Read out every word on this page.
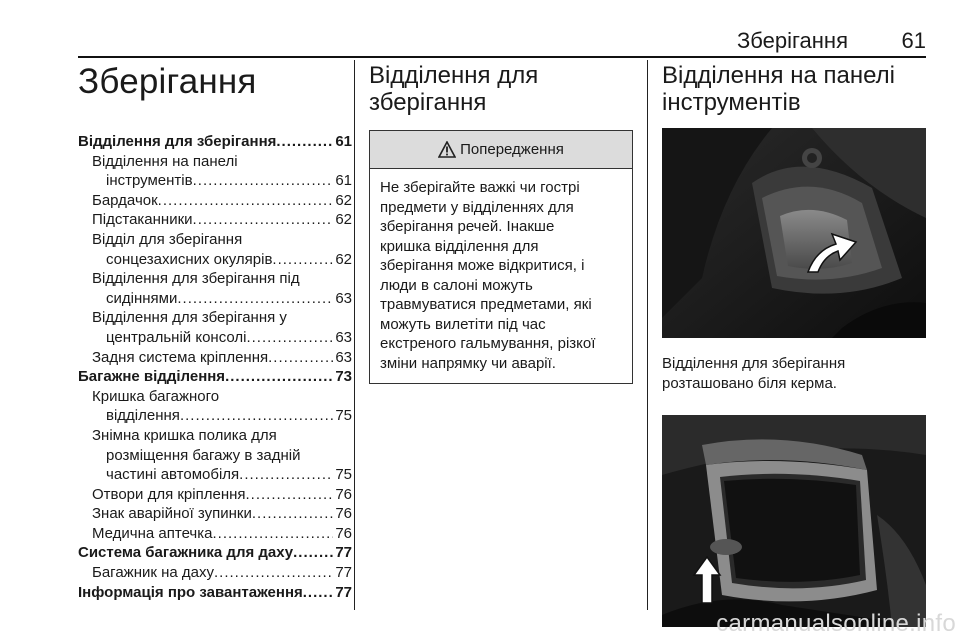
Зберігання 61
Зберігання
Відділення для зберігання .....	61
Відділення на панелі
інструментів .....	61
Бардачок .....	62
Підстаканники .....	62
Відділ для зберігання
сонцезахисних окулярів .....	62
Відділення для зберігання під
сидіннями .....	63
Відділення для зберігання у
центральній консолі .....	63
Задня система кріплення .....	63
Багажне відділення .....	73
Кришка багажного
відділення .....	75
Знімна кришка полика для
розміщення багажу в задній
частині автомобіля .....	75
Отвори для кріплення .....	76
Знак аварійної зупинки .....	76
Медична аптечка .....	76
Система багажника для даху .....	77
Багажник на даху .....	77
Інформація про завантаження ..... 77
Відділення для
зберігання
Попередження

Не зберігайте важкі чи гострі

предмети у відділеннях для

зберігання речей. Інакше

кришка відділення для

зберігання може відкритися, і

люди в салоні можуть

травмуватися предметами, які

можуть вилетіти під час

екстреного гальмування, різкої

зміни напрямку чи аварії.

Відділення на панелі
інструментів
Відділення для зберігання
розташовано біля керма.
carmanualsonline.info
